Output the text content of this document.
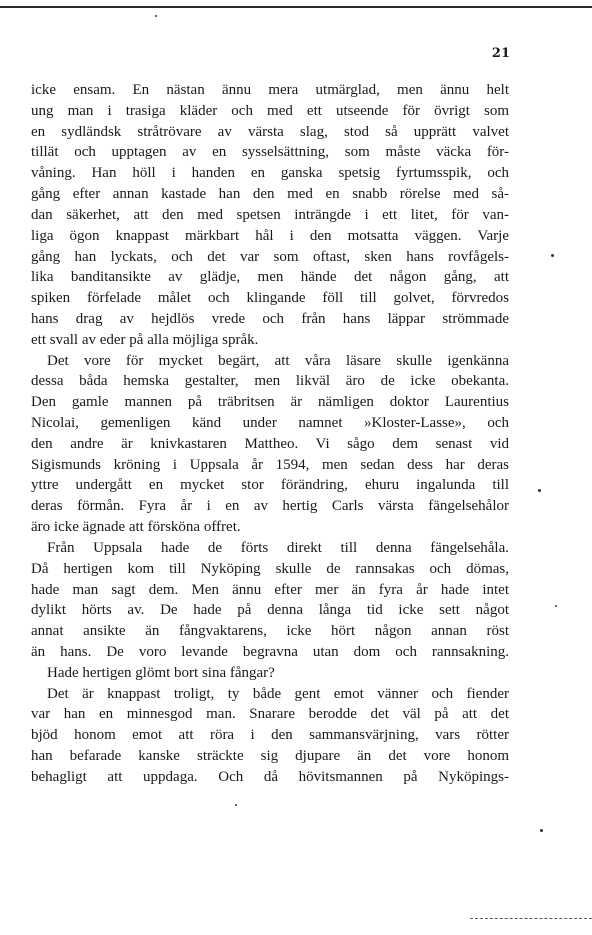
21
icke ensam. En nästan ännu mera utmärglad, men ännu helt
ung man i trasiga kläder och med ett utseende för övrigt som
en sydländsk stråtrövare av värsta slag, stod så upprätt valvet
tillät och upptagen av en sysselsättning, som måste väcka för-
våning. Han höll i handen en ganska spetsig fyrtumsspik, och
gång efter annan kastade han den med en snabb rörelse med så-
dan säkerhet, att den med spetsen inträngde i ett litet, för van-
liga ögon knappast märkbart hål i den motsatta väggen. Varje
gång han lyckats, och det var som oftast, sken hans rovfågels-
lika banditansikte av glädje, men hände det någon gång, att
spiken förfelade målet och klingande föll till golvet, förvredos
hans drag av hejdlös vrede och från hans läppar strömmade
ett svall av eder på alla möjliga språk.
Det vore för mycket begärt, att våra läsare skulle igenkänna
dessa båda hemska gestalter, men likväl äro de icke obekanta.
Den gamle mannen på träbritsen är nämligen doktor Laurentius
Nicolai, gemenligen känd under namnet »Kloster-Lasse», och
den andre är knivkastaren Mattheo. Vi sågo dem senast vid
Sigismunds kröning i Uppsala år 1594, men sedan dess har deras
yttre undergått en mycket stor förändring, ehuru ingalunda till
deras förmån. Fyra år i en av hertig Carls värsta fängelsehålor
äro icke ägnade att försköna offret.
Från Uppsala hade de förts direkt till denna fängelsehåla.
Då hertigen kom till Nyköping skulle de rannsakas och dömas,
hade man sagt dem. Men ännu efter mer än fyra år hade intet
dylikt hörts av. De hade på denna långa tid icke sett något
annat ansikte än fångvaktarens, icke hört någon annan röst
än hans. De voro levande begravna utan dom och rannsakning.
Hade hertigen glömt bort sina fångar?
Det är knappast troligt, ty både gent emot vänner och fiender
var han en minnesgod man. Snarare berodde det väl på att det
bjöd honom emot att röra i den sammansvärjning, vars rötter
han befarade kanske sträckte sig djupare än det vore honom
behagligt att uppdaga. Och då hövitsmannen på Nyköpings-
